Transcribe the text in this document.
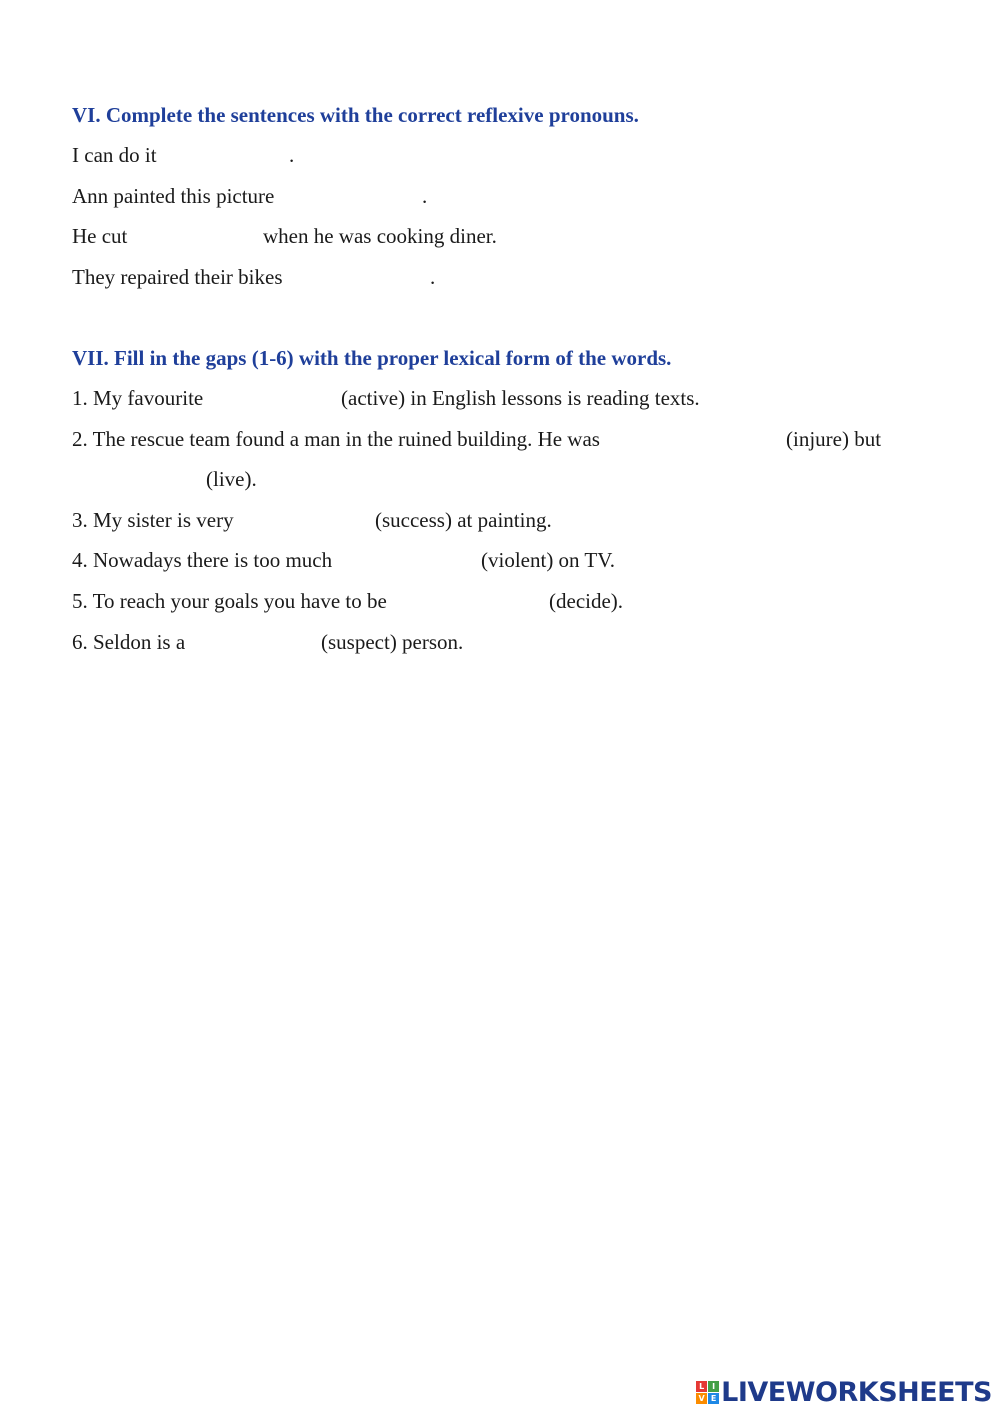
VI. Complete the sentences with the correct reflexive pronouns.
I can do it	.
Ann painted this picture	.
He cut	when he was cooking diner.
They repaired their bikes	.
VII. Fill in the gaps (1-6) with the proper lexical form of the words.
1. My favourite	(active) in English lessons is reading texts.
2. The rescue team found a man in the ruined building. He was	(injure) but
(live).
3. My sister is very	(success) at painting.
4. Nowadays there is too much	(violent) on TV.
5. To reach your goals you have to be	(decide).
6. Seldon is a	(suspect) person.
L I
V E LIVEWORKSHEETS
